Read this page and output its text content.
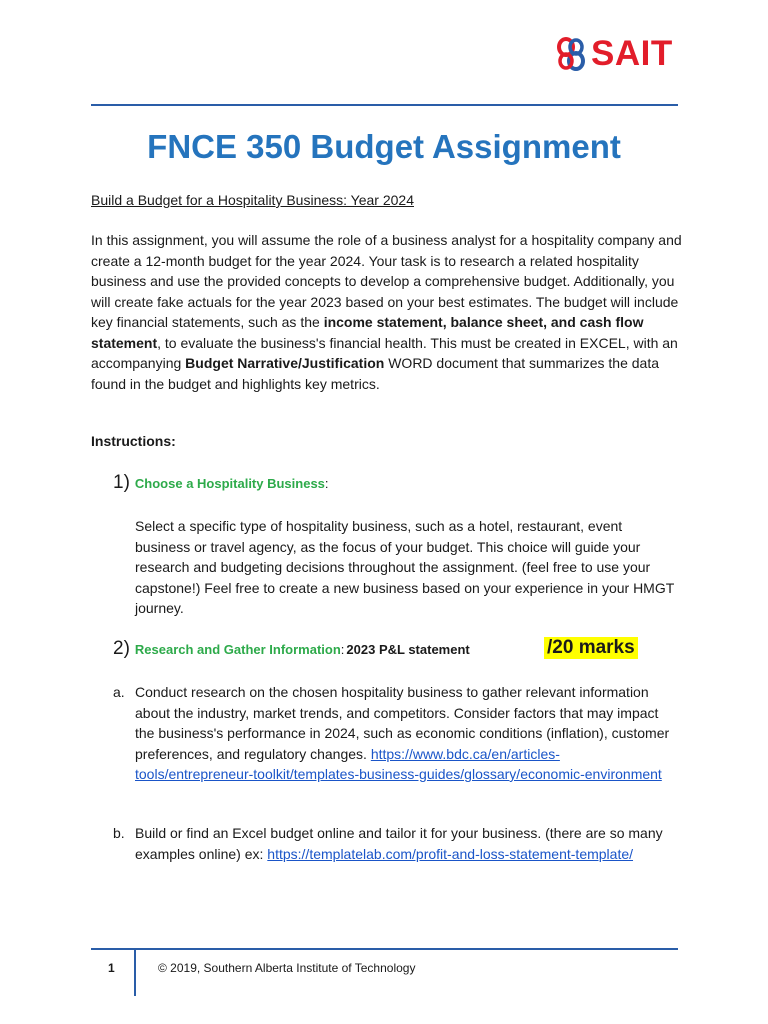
SAIT
FNCE 350 Budget Assignment

Build a Budget for a Hospitality Business: Year 2024

In this assignment, you will assume the role of a business analyst for a hospitality company and create a 12-month budget for the year 2024. Your task is to research a related hospitality business and use the provided concepts to develop a comprehensive budget. Additionally, you will create fake actuals for the year 2023 based on your best estimates. The budget will include key financial statements, such as the income statement, balance sheet, and cash flow statement, to evaluate the business's financial health. This must be created in EXCEL, with an accompanying Budget Narrative/Justification WORD document that summarizes the data found in the budget and highlights key metrics.

Instructions:

1) Choose a Hospitality Business :

Select a specific type of hospitality business, such as a hotel, restaurant, event business or travel agency, as the focus of your budget. This choice will guide your research and budgeting decisions throughout the assignment. (feel free to use your capstone!) Feel free to create a new business based on your experience in your HMGT journey.

2) Research and Gather Information : 2023 P&L statement	/20 marks
a. Conduct research on the chosen hospitality business to gather relevant information about the industry, market trends, and competitors. Consider factors that may impact the business's performance in 2024, such as economic conditions (inflation), customer preferences, and regulatory changes. https://www.bdc.ca/en/articles-tools/entrepreneur-toolkit/templates-business-guides/glossary/economic-environment

b. Build or find an Excel budget online and tailor it for your business. (there are so many examples online) ex: https://templatelab.com/profit-and-loss-statement-template/

1	© 2019, Southern Alberta Institute of Technology
